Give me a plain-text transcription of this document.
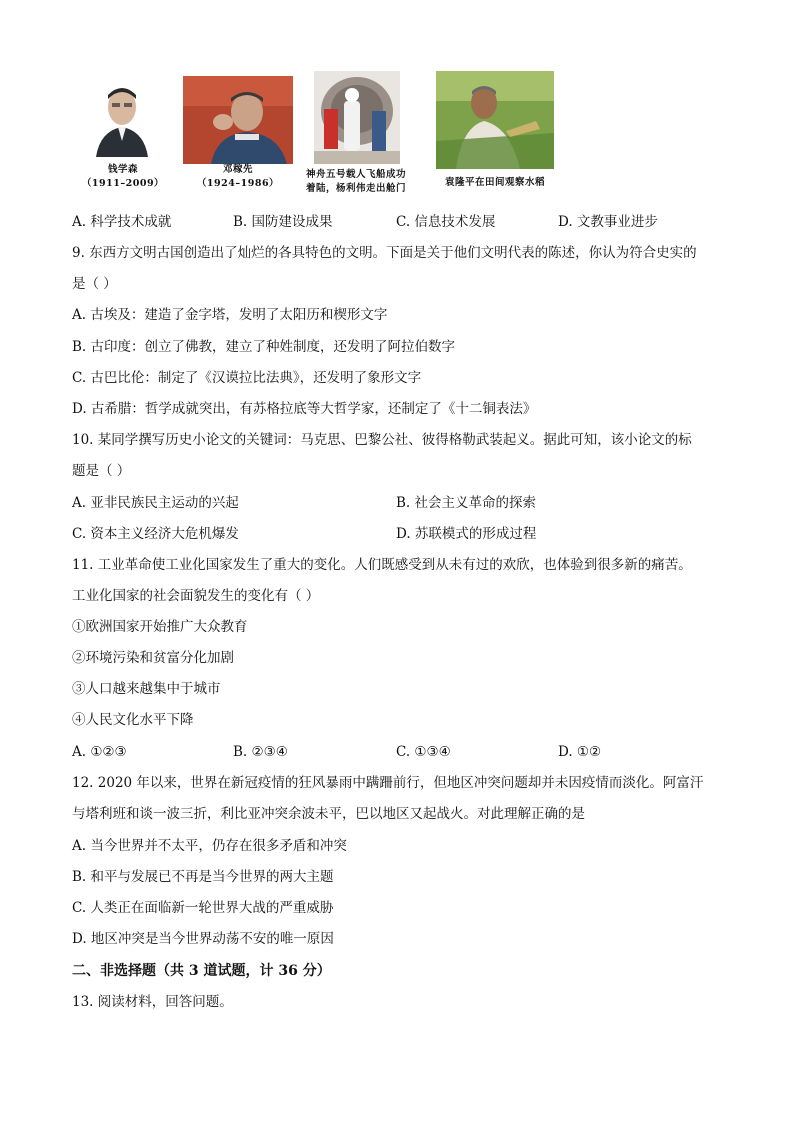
钱学森
（1911–2009）
邓稼先
（1924–1986）
神舟五号载人飞船成功
着陆，杨利伟走出舱门
袁隆平在田间观察水稻
A. 科学技术成就	B. 国防建设成果	C. 信息技术发展	D. 文教事业进步
9. 东西方文明古国创造出了灿烂的各具特色的文明。下面是关于他们文明代表的陈述，你认为符合史实的
是（ ）
A. 古埃及：建造了金字塔，发明了太阳历和楔形文字
B. 古印度：创立了佛教，建立了种姓制度，还发明了阿拉伯数字
C. 古巴比伦：制定了《汉谟拉比法典》，还发明了象形文字
D. 古希腊：哲学成就突出，有苏格拉底等大哲学家，还制定了《十二铜表法》
10. 某同学撰写历史小论文的关键词：马克思、巴黎公社、彼得格勒武装起义。据此可知，该小论文的标
题是（ ）
A. 亚非民族民主运动的兴起	B. 社会主义革命的探索
C. 资本主义经济大危机爆发	D. 苏联模式的形成过程
11. 工业革命使工业化国家发生了重大的变化。人们既感受到从未有过的欢欣，也体验到很多新的痛苦。
工业化国家的社会面貌发生的变化有（ ）
①欧洲国家开始推广大众教育
②环境污染和贫富分化加剧
③人口越来越集中于城市
④人民文化水平下降
A. ①②③	B. ②③④	C. ①③④	D. ①②
12. 2020 年以来，世界在新冠疫情的狂风暴雨中蹒跚前行，但地区冲突问题却并未因疫情而淡化。阿富汗
与塔利班和谈一波三折，利比亚冲突余波未平，巴以地区又起战火。对此理解正确的是
A. 当今世界并不太平，仍存在很多矛盾和冲突
B. 和平与发展已不再是当今世界的两大主题
C. 人类正在面临新一轮世界大战的严重威胁
D. 地区冲突是当今世界动荡不安的唯一原因
二、非选择题（共 3 道试题，计 36 分）
13. 阅读材料，回答问题。
